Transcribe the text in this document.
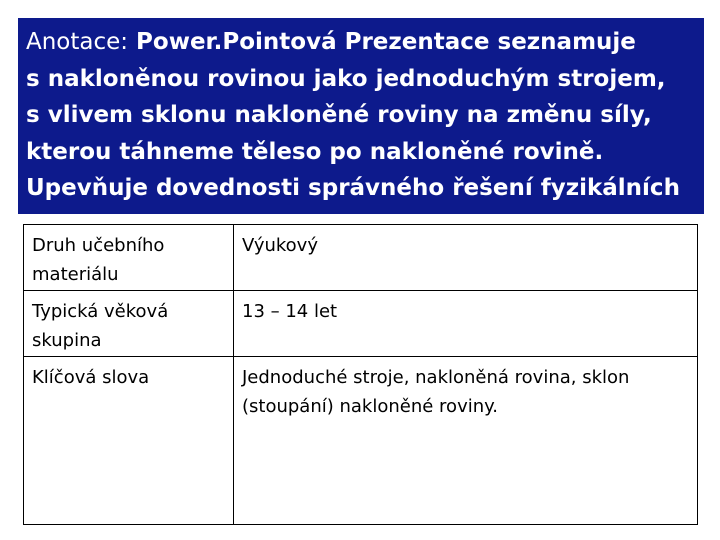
Anotace: Power.Pointová Prezentace seznamuje
s nakloněnou rovinou jako jednoduchým strojem,
s vlivem sklonu nakloněné roviny na změnu síly,
kterou táhneme těleso po nakloněné rovině.
Upevňuje dovednosti správného řešení fyzikálních
Druh učebního materiálu	Výukový
Typická věková skupina	13 – 14 let
Klíčová slova	Jednoduché stroje, nakloněná rovina, sklon (stoupání) nakloněné roviny.
